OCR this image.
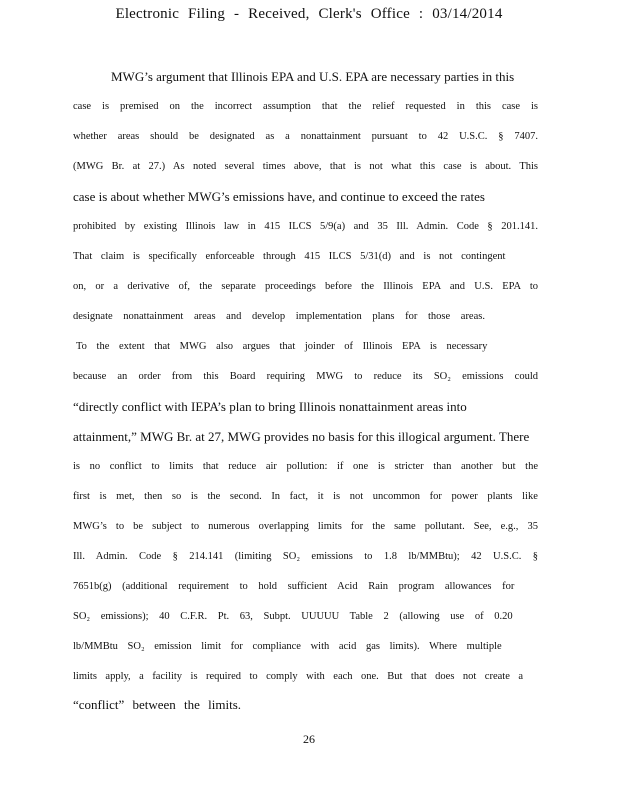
Electronic Filing - Received, Clerk's Office : 03/14/2014
MWG’s argument that Illinois EPA and U.S. EPA are necessary parties in this
case is premised on the incorrect assumption that the relief requested in this case is
whether areas should be designated as a nonattainment pursuant to 42 U.S.C. § 7407.
(MWG Br. at 27.) As noted several times above, that is not what this case is about. This
case is about whether MWG’s emissions have, and continue to exceed the rates
prohibited by existing Illinois law in 415 ILCS 5/9(a) and 35 Ill. Admin. Code § 201.141.
That claim is specifically enforceable through 415 ILCS 5/31(d) and is not contingent
on, or a derivative of, the separate proceedings before the Illinois EPA and U.S. EPA to
designate nonattainment areas and develop implementation plans for those areas.
To the extent that MWG also argues that joinder of Illinois EPA is necessary
because an order from this Board requiring MWG to reduce its SO₂ emissions could
“directly conflict with IEPA’s plan to bring Illinois nonattainment areas into
attainment,” MWG Br. at 27, MWG provides no basis for this illogical argument. There
is no conflict to limits that reduce air pollution: if one is stricter than another but the
first is met, then so is the second. In fact, it is not uncommon for power plants like
MWG’s to be subject to numerous overlapping limits for the same pollutant. See, e.g., 35
Ill. Admin. Code § 214.141 (limiting SO₂ emissions to 1.8 lb/MMBtu); 42 U.S.C. §
7651b(g) (additional requirement to hold sufficient Acid Rain program allowances for
SO₂ emissions); 40 C.F.R. Pt. 63, Subpt. UUUUU Table 2 (allowing use of 0.20
lb/MMBtu SO₂ emission limit for compliance with acid gas limits). Where multiple
limits apply, a facility is required to comply with each one. But that does not create a
“conflict” between the limits.
26
